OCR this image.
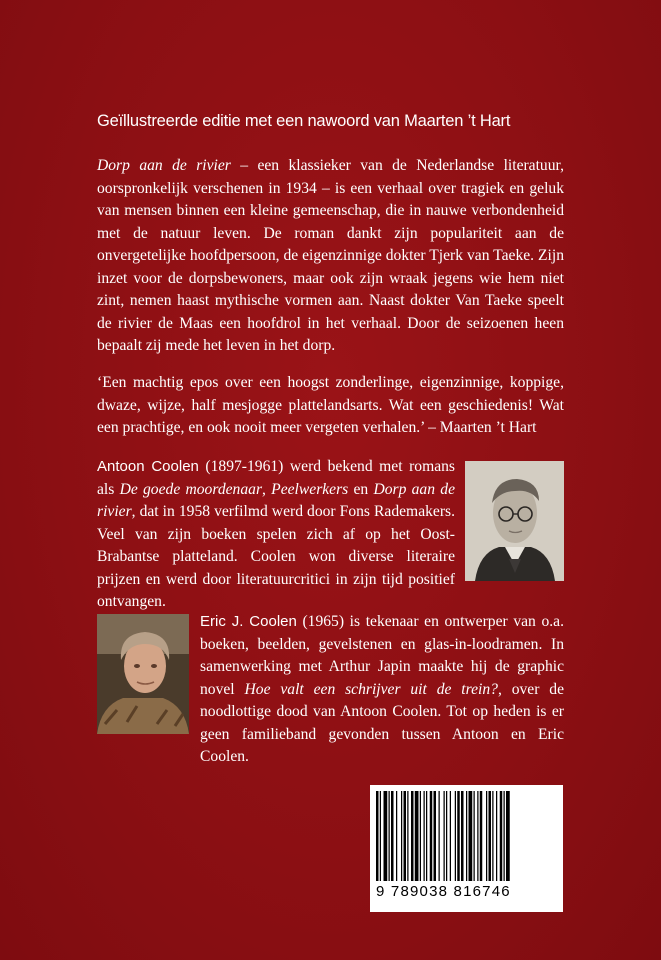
Geïllustreerde editie met een nawoord van Maarten ’t Hart

Dorp aan de rivier – een klassieker van de Nederlandse literatuur, oorspronkelijk verschenen in 1934 – is een verhaal over tragiek en geluk van mensen binnen een kleine gemeenschap, die in nauwe verbondenheid met de natuur leven. De roman dankt zijn populariteit aan de onvergetelijke hoofdpersoon, de eigenzinnige dokter Tjerk van Taeke. Zijn inzet voor de dorpsbewoners, maar ook zijn wraak jegens wie hem niet zint, nemen haast mythische vormen aan. Naast dokter Van Taeke speelt de rivier de Maas een hoofdrol in het verhaal. Door de seizoenen heen bepaalt zij mede het leven in het dorp.

‘Een machtig epos over een hoogst zonderlinge, eigenzinnige, koppige, dwaze, wijze, half mesjogge plattelandsarts. Wat een geschiedenis! Wat een prachtige, en ook nooit meer vergeten verhalen.’ – Maarten ’t Hart

Antoon Coolen (1897-1961) werd bekend met romans als De goede moordenaar, Peelwerkers en Dorp aan de rivier, dat in 1958 verfilmd werd door Fons Rademakers. Veel van zijn boeken spelen zich af op het Oost-Brabantse platteland. Coolen won diverse literaire prijzen en werd door literatuurcritici in zijn tijd positief ontvangen.

Eric J. Coolen (1965) is tekenaar en ontwerper van o.a. boeken, beelden, gevelstenen en glas-in-loodramen. In samenwerking met Arthur Japin maakte hij de graphic novel Hoe valt een schrijver uit de trein?, over de noodlottige dood van Antoon Coolen. Tot op heden is er geen familieband gevonden tussen Antoon en Eric Coolen.

9 789038 816746
